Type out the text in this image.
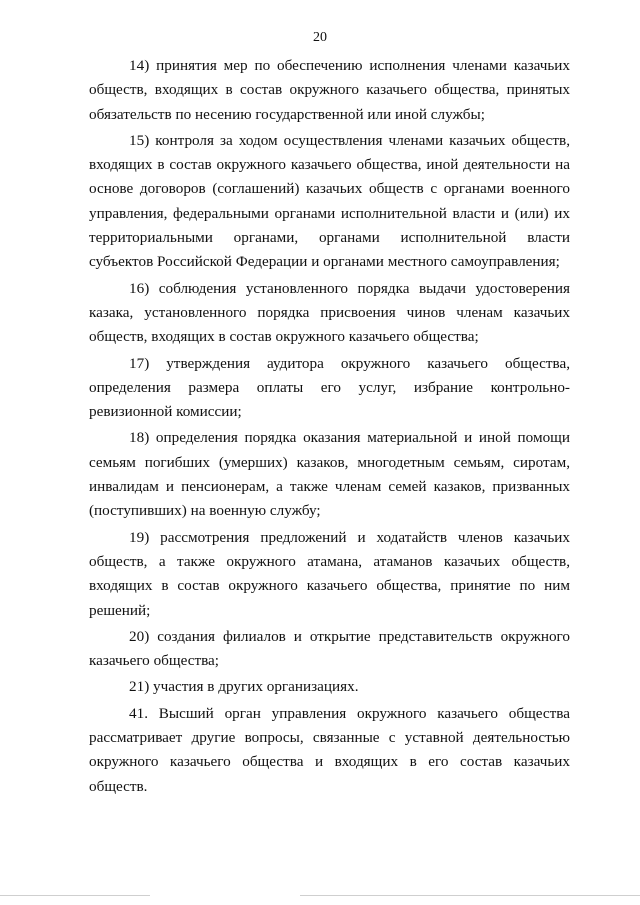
20

14) принятия мер по обеспечению исполнения членами казачьих обществ, входящих в состав окружного казачьего общества, принятых обязательств по несению государственной или иной службы;

15) контроля за ходом осуществления членами казачьих обществ, входящих в состав окружного казачьего общества, иной деятельности на основе договоров (соглашений) казачьих обществ с органами военного управления, федеральными органами исполнительной власти и (или) их территориальными органами, органами исполнительной власти субъектов Российской Федерации и органами местного самоуправления;

16) соблюдения установленного порядка выдачи удостоверения казака, установленного порядка присвоения чинов членам казачьих обществ, входящих в состав окружного казачьего общества;

17) утверждения аудитора окружного казачьего общества, определения размера оплаты его услуг, избрание контрольно-ревизионной комиссии;

18) определения порядка оказания материальной и иной помощи семьям погибших (умерших) казаков, многодетным семьям, сиротам, инвалидам и пенсионерам, а также членам семей казаков, призванных (поступивших) на военную службу;

19) рассмотрения предложений и ходатайств членов казачьих обществ, а также окружного атамана, атаманов казачьих обществ, входящих в состав окружного казачьего общества, принятие по ним решений;

20) создания филиалов и открытие представительств окружного казачьего общества;

21) участия в других организациях.

41. Высший орган управления окружного казачьего общества рассматривает другие вопросы, связанные с уставной деятельностью окружного казачьего общества и входящих в его состав казачьих обществ.
